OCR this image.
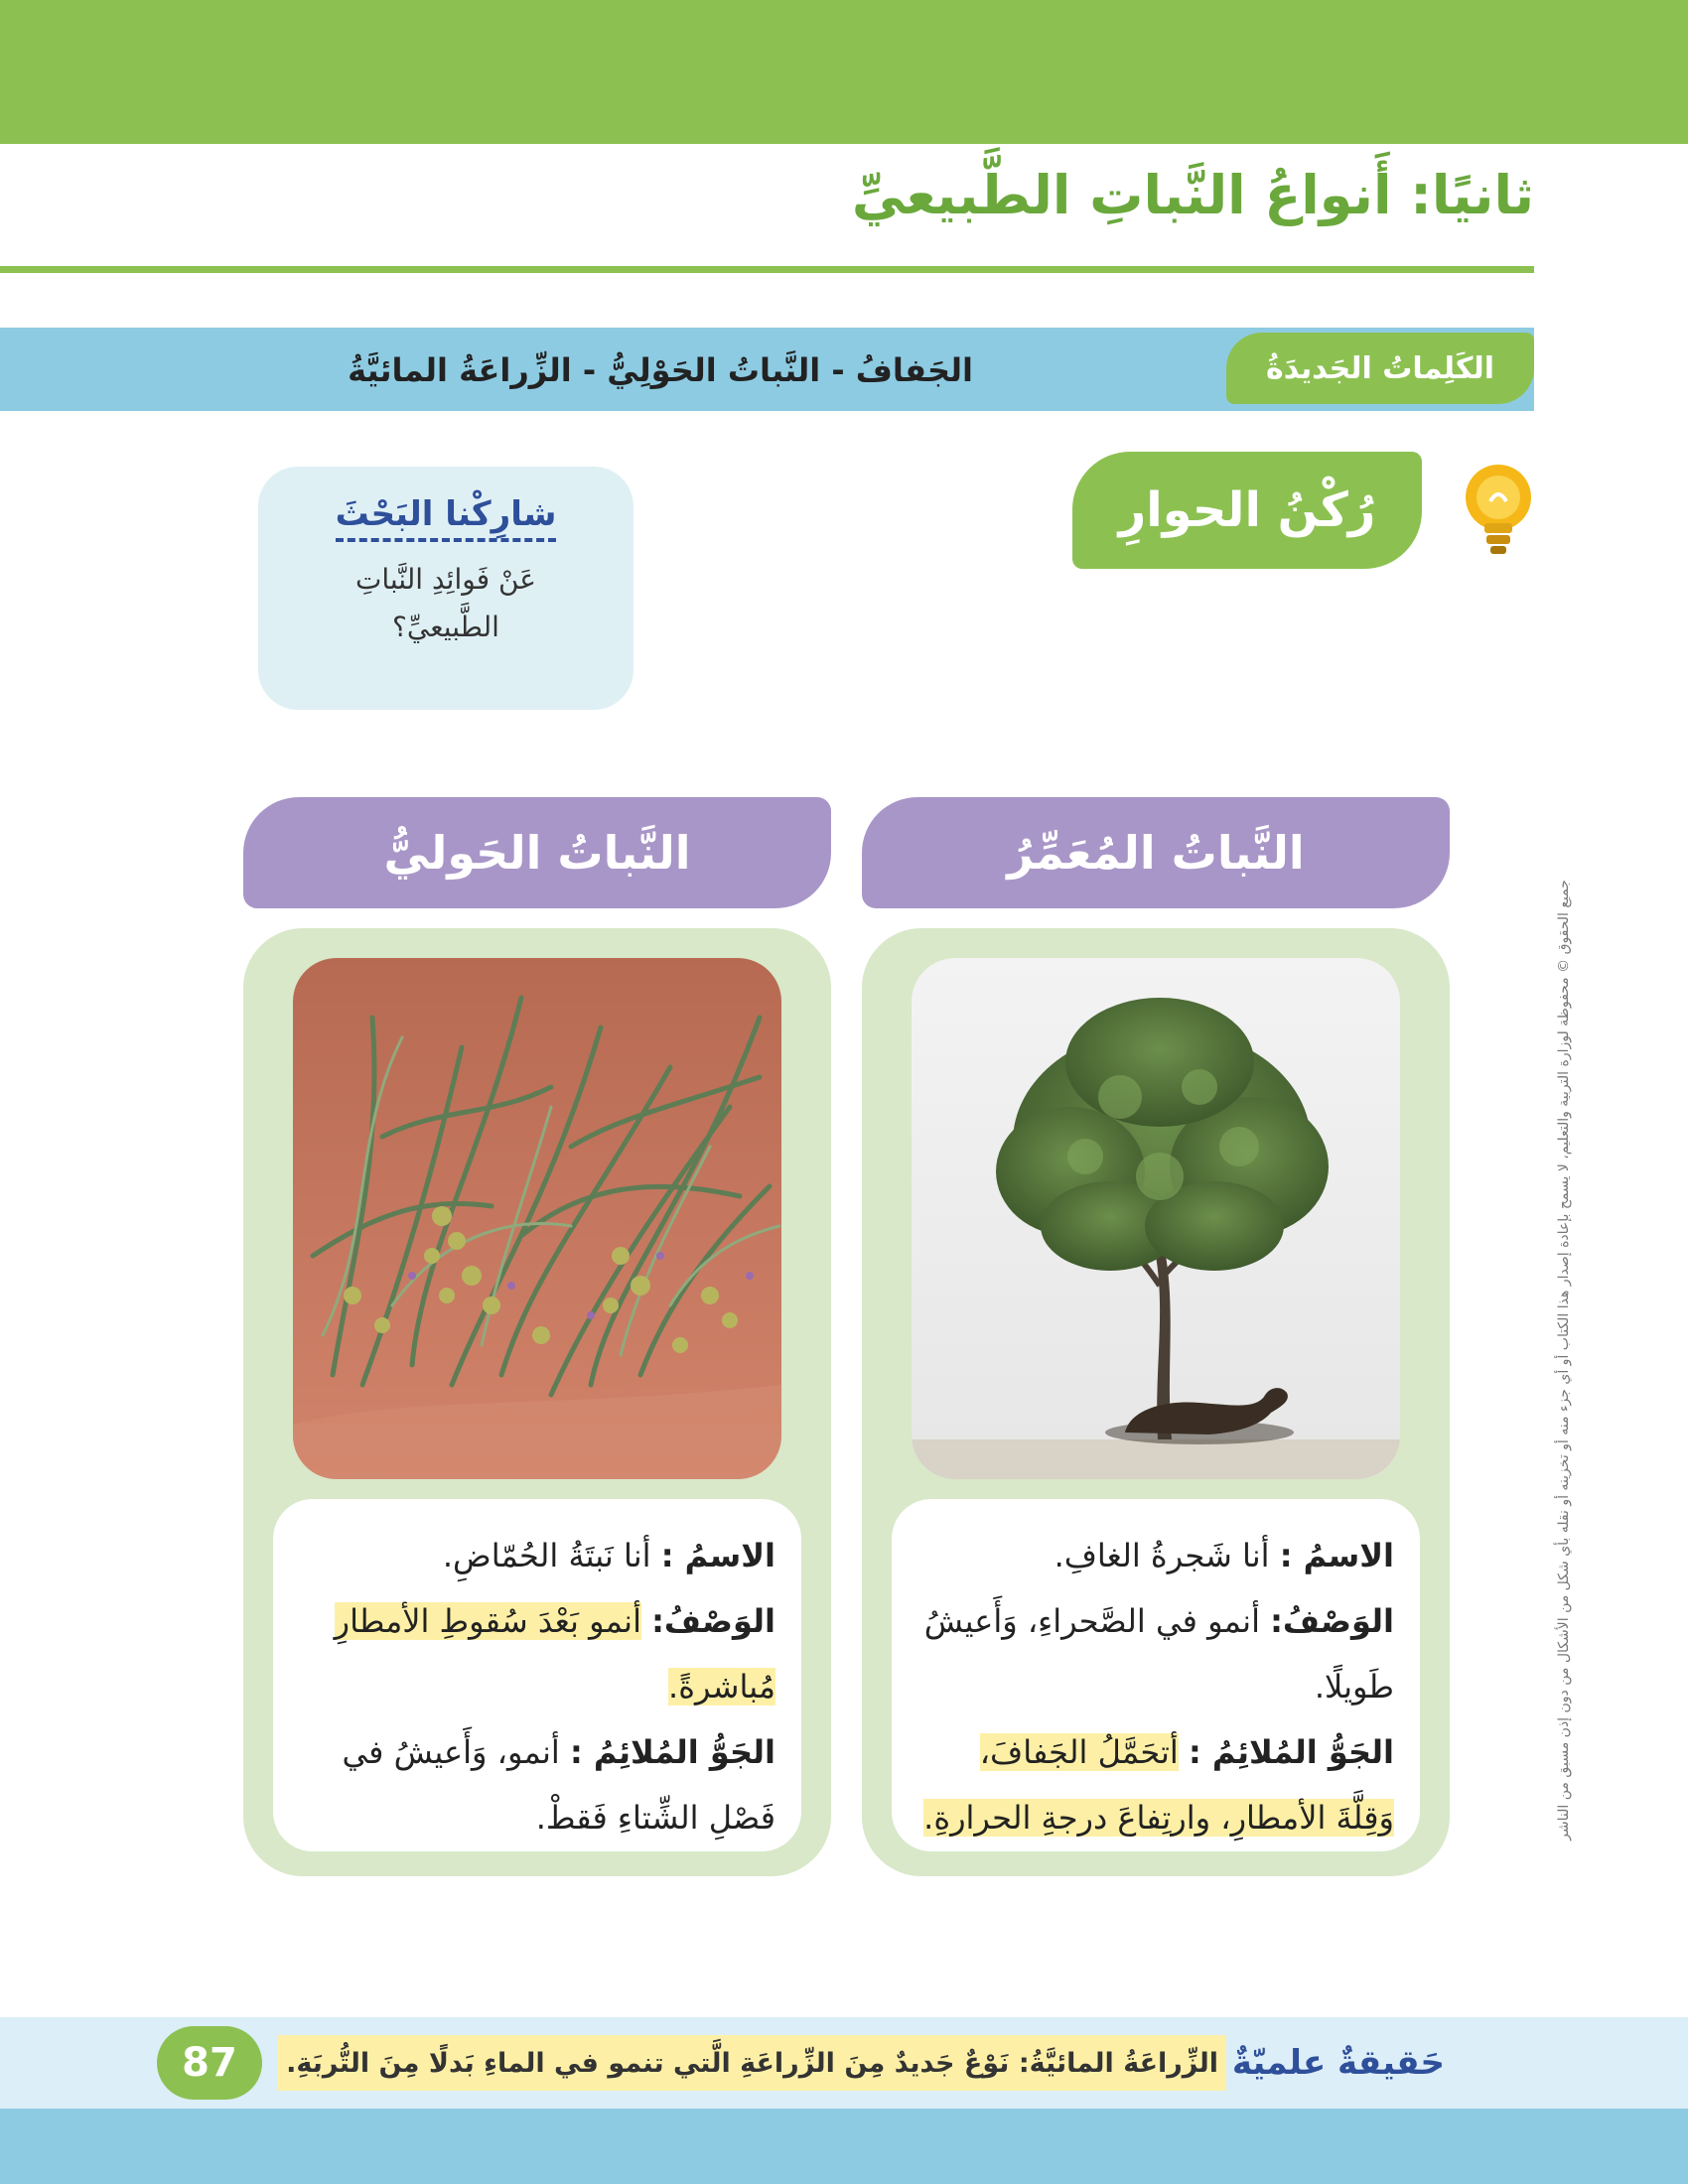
ثانيًا: أَنواعُ النَّباتِ الطَّبيعيِّ
الكَلِماتُ الجَديدَةُ
الجَفافُ - النَّباتُ الحَوْلِيُّ - الزِّراعَةُ المائيَّةُ
رُكْنُ الحوارِ
شارِكْنا البَحْثَ
عَنْ فَوائِدِ النَّباتِ الطَّبيعيِّ؟
النَّباتُ المُعَمِّرُ
النَّباتُ الحَوليُّ
الاسمُ : أنا شَجرةُ الغافِ.
الوَصْفُ: أنمو في الصَّحراءِ، وَأَعيشُ طَويلًا.
الجَوُّ المُلائِمُ : أتحَمَّلُ الجَفافَ، وَقِلَّةَ الأمطارِ، وارتِفاعَ درجةِ الحرارةِ.
الاسمُ : أنا نَبتَةُ الحُمّاضِ.
الوَصْفُ: أنمو بَعْدَ سُقوطِ الأمطارِ مُباشرةً.
الجَوُّ المُلائِمُ : أنمو، وَأَعيشُ في فَصْلِ الشِّتاءِ فَقطْ.	جميع الحقوق © محفوظة لوزارة التربية والتعليم، لا يسمح بإعادة إصدار هذا الكتاب أو أي جزء منه أو تخزينه أو نقله بأي شكل من الأشكال من دون إذن مسبق من الناشر
حَقيقةٌ علميّةٌ
الزِّراعَةُ المائيَّةُ: نَوْعٌ جَديدٌ مِنَ الزِّراعَةِ الَّتي تنمو في الماءِ بَدلًا مِنَ التُّربَةِ.
87
